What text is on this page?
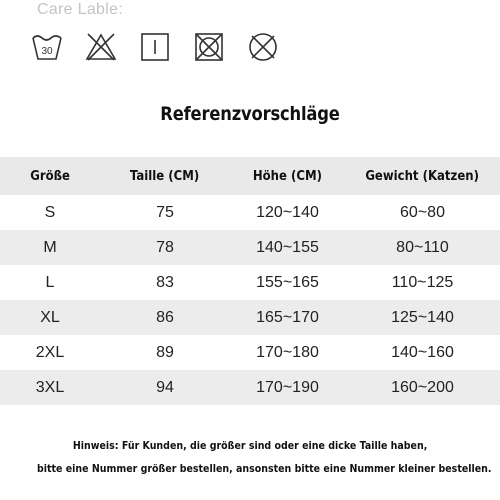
Care Lable:
30
Referenzvorschläge
Größe	Taille (CM)	Höhe (CM)	Gewicht (Katzen)
S	75	120~140	60~80
M	78	140~155	80~110
L	83	155~165	110~125
XL	86	165~170	125~140
2XL	89	170~180	140~160
3XL	94	170~190	160~200
Hinweis: Für Kunden, die größer sind oder eine dicke Taille haben,
bitte eine Nummer größer bestellen, ansonsten bitte eine Nummer kleiner bestellen.
